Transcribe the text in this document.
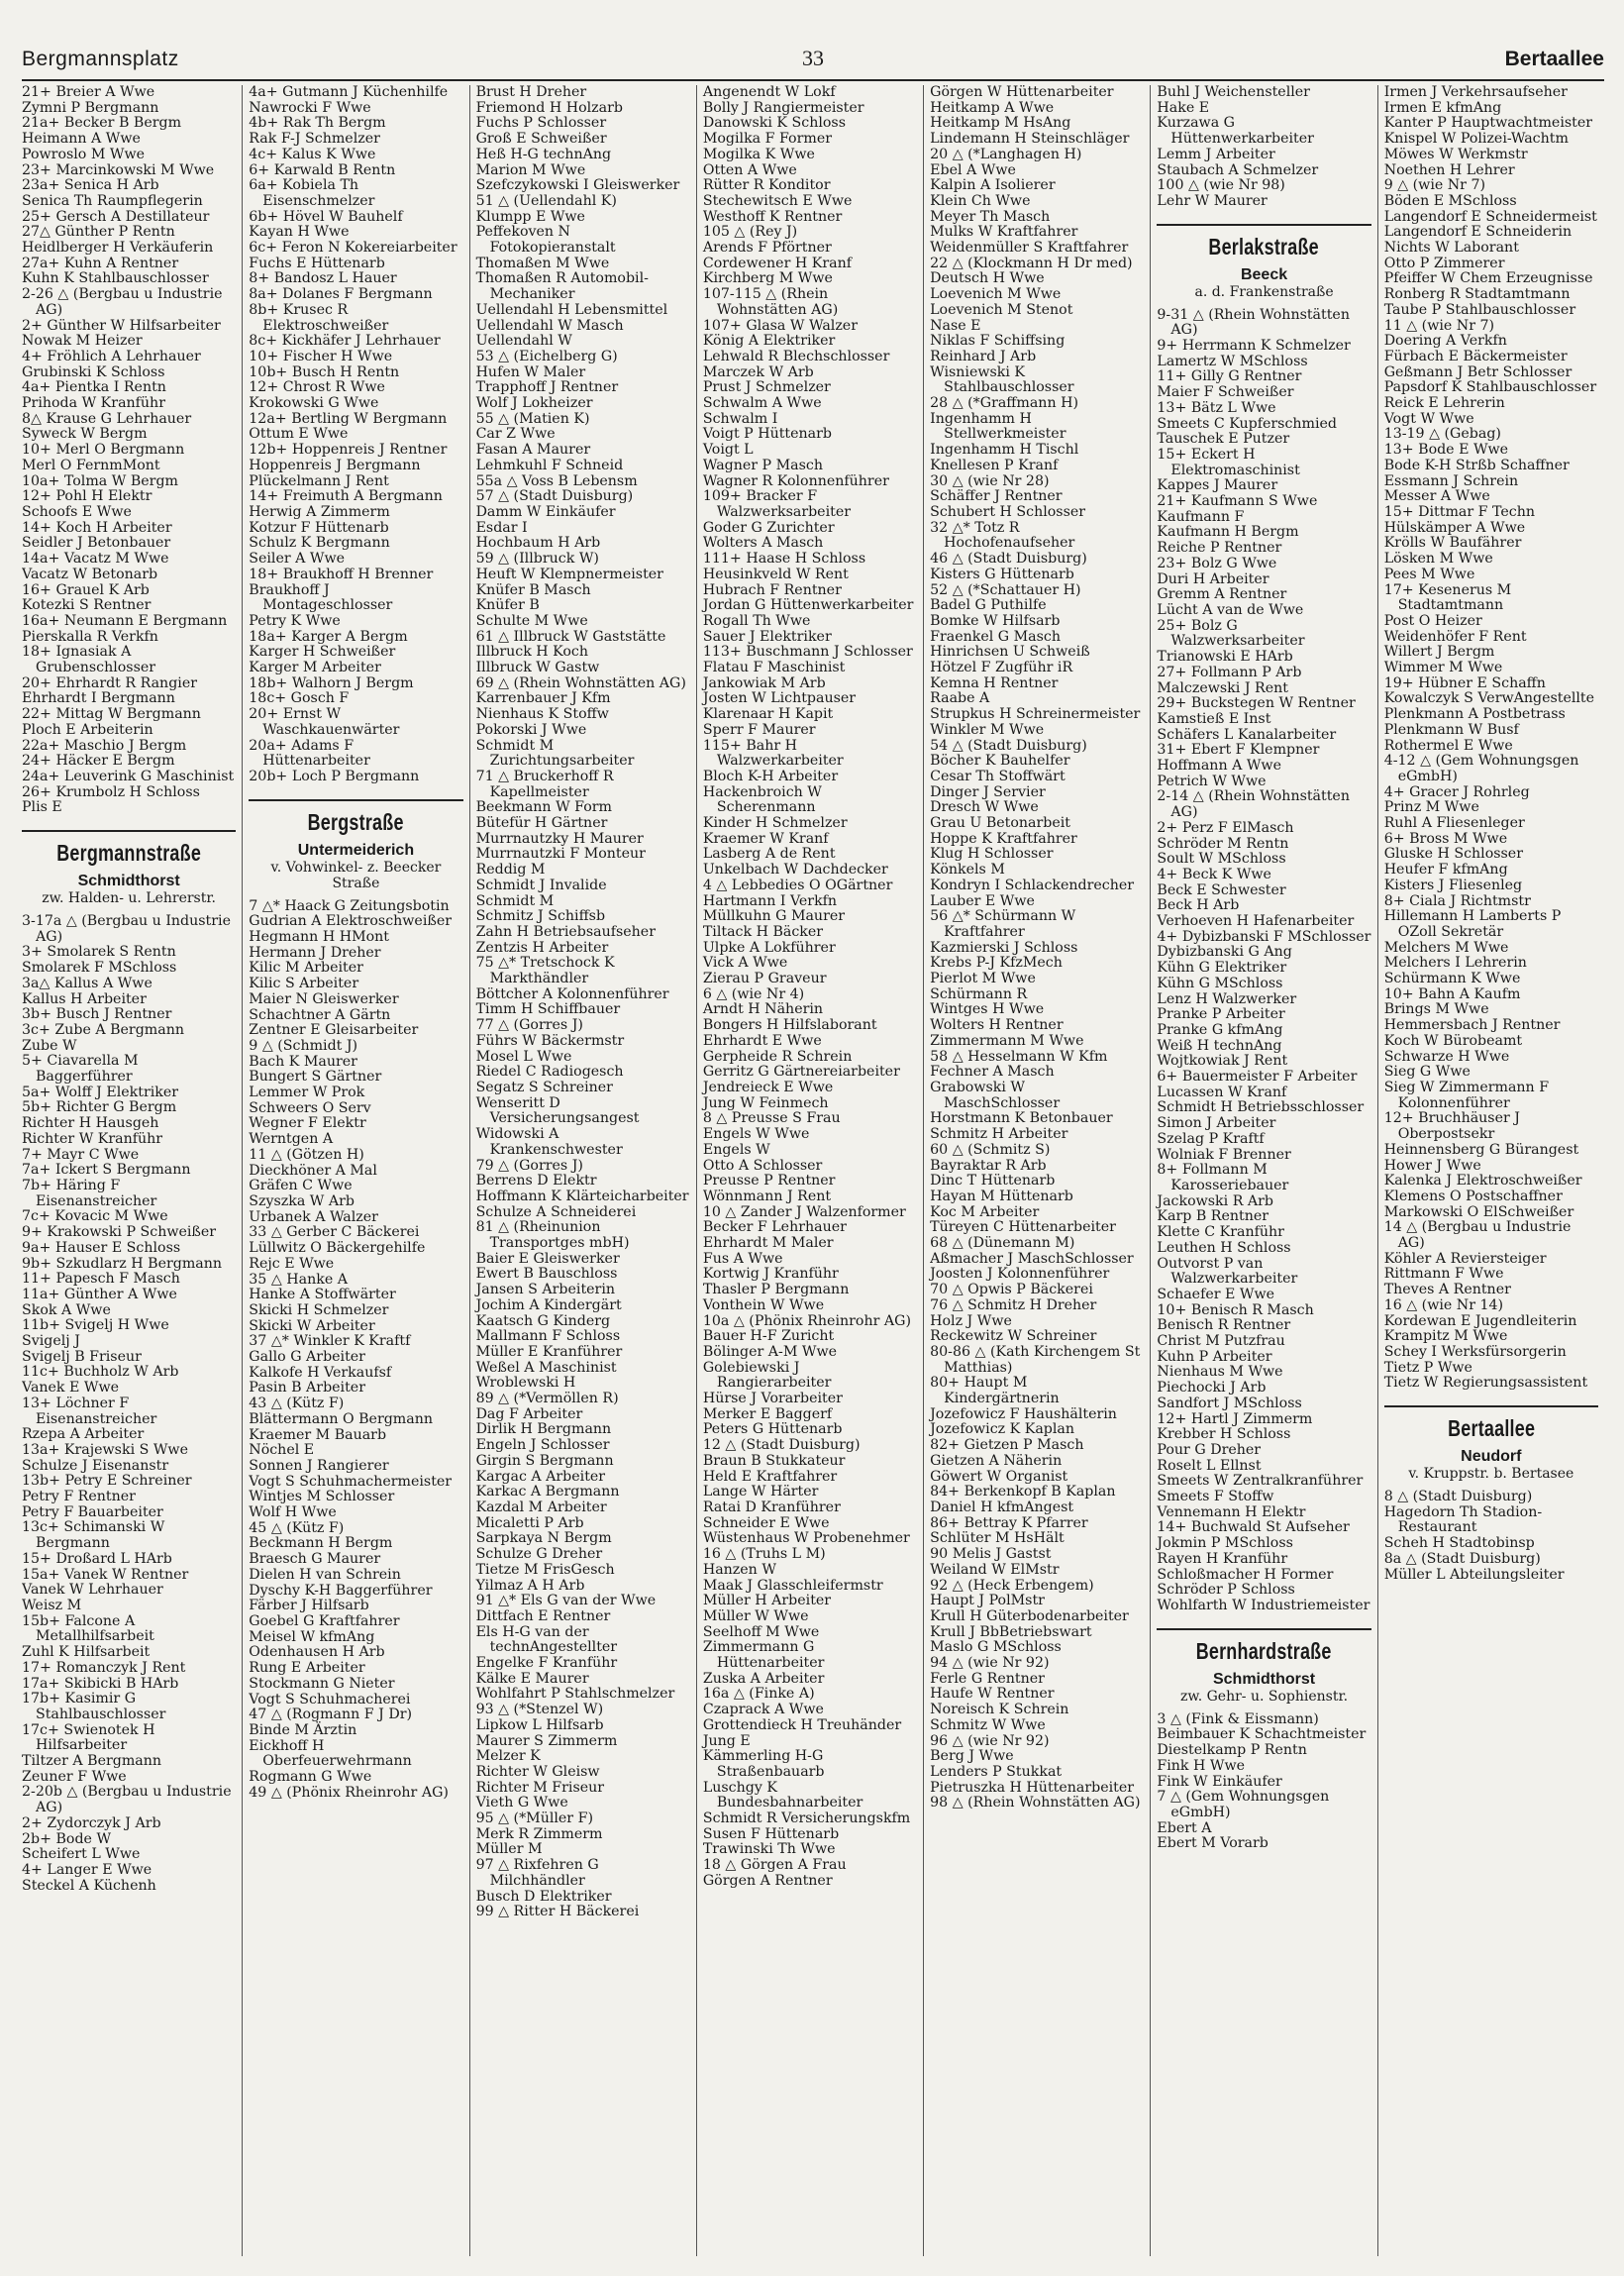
Bergmannsplatz	33	Bertaallee

21+ Breier A Wwe

Zymni P Bergmann

21a+ Becker B Bergm

Heimann A Wwe

Powroslo M Wwe

23+ Marcinkowski M Wwe

23a+ Senica H Arb

Senica Th Raumpflegerin

25+ Gersch A Destillateur

27△ Günther P Rentn

Heidlberger H Verkäuferin

27a+ Kuhn A Rentner

Kuhn K Stahlbauschlosser

2-26 △ (Bergbau u Industrie AG)

2+ Günther W Hilfsarbeiter

Nowak M Heizer

4+ Fröhlich A Lehrhauer

Grubinski K Schloss

4a+ Pientka I Rentn

Prihoda W Kranführ

8△ Krause G Lehrhauer

Syweck W Bergm

10+ Merl O Bergmann

Merl O FernmMont

10a+ Tolma W Bergm

12+ Pohl H Elektr

Schoofs E Wwe

14+ Koch H Arbeiter

Seidler J Betonbauer

14a+ Vacatz M Wwe

Vacatz W Betonarb

16+ Grauel K Arb

Kotezki S Rentner

16a+ Neumann E Bergmann

Pierskalla R Verkfn

18+ Ignasiak A Grubenschlosser

20+ Ehrhardt R Rangier

Ehrhardt I Bergmann

22+ Mittag W Bergmann

Ploch E Arbeiterin

22a+ Maschio J Bergm

24+ Häcker E Bergm

24a+ Leuverink G Maschinist

26+ Krumbolz H Schloss

Plis E

Bergmannstraße
Schmidthorst
zw. Halden- u. Lehrerstr.

3-17a △ (Bergbau u Industrie AG)

3+ Smolarek S Rentn

Smolarek F MSchloss

3a△ Kallus A Wwe

Kallus H Arbeiter

3b+ Busch J Rentner

3c+ Zube A Bergmann

Zube W

5+ Ciavarella M Baggerführer

5a+ Wolff J Elektriker

5b+ Richter G Bergm

Richter H Hausgeh

Richter W Kranführ

7+ Mayr C Wwe

7a+ Ickert S Bergmann

7b+ Häring F Eisenanstreicher

7c+ Kovacic M Wwe

9+ Krakowski P Schweißer

9a+ Hauser E Schloss

9b+ Szkudlarz H Bergmann

11+ Papesch F Masch

11a+ Günther A Wwe

Skok A Wwe

11b+ Svigelj H Wwe

Svigelj J

Svigelj B Friseur

11c+ Buchholz W Arb

Vanek E Wwe

13+ Löchner F Eisenanstreicher

Rzepa A Arbeiter

13a+ Krajewski S Wwe

Schulze J Eisenanstr

13b+ Petry E Schreiner

Petry F Rentner

Petry F Bauarbeiter

13c+ Schimanski W Bergmann

15+ Droßard L HArb

15a+ Vanek W Rentner

Vanek W Lehrhauer

Weisz M

15b+ Falcone A Metallhilfsarbeit

Zuhl K Hilfsarbeit

17+ Romanczyk J Rent

17a+ Skibicki B HArb

17b+ Kasimir G Stahlbauschlosser

17c+ Swienotek H Hilfsarbeiter

Tiltzer A Bergmann

Zeuner F Wwe

2-20b △ (Bergbau u Industrie AG)

2+ Zydorczyk J Arb

2b+ Bode W

Scheifert L Wwe

4+ Langer E Wwe

Steckel A Küchenh

4a+ Gutmann J Küchenhilfe

Nawrocki F Wwe

4b+ Rak Th Bergm

Rak F-J Schmelzer

4c+ Kalus K Wwe

6+ Karwald B Rentn

6a+ Kobiela Th Eisenschmelzer

6b+ Hövel W Bauhelf

Kayan H Wwe

6c+ Feron N Kokereiarbeiter

Fuchs E Hüttenarb

8+ Bandosz L Hauer

8a+ Dolanes F Bergmann

8b+ Krusec R Elektroschweißer

8c+ Kickhäfer J Lehrhauer

10+ Fischer H Wwe

10b+ Busch H Rentn

12+ Chrost R Wwe

Krokowski G Wwe

12a+ Bertling W Bergmann

Ottum E Wwe

12b+ Hoppenreis J Rentner

Hoppenreis J Bergmann

Plückelmann J Rent

14+ Freimuth A Bergmann

Herwig A Zimmerm

Kotzur F Hüttenarb

Schulz K Bergmann

Seiler A Wwe

18+ Braukhoff H Brenner

Braukhoff J Montageschlosser

Petry K Wwe

18a+ Karger A Bergm

Karger H Schweißer

Karger M Arbeiter

18b+ Walhorn J Bergm

18c+ Gosch F

20+ Ernst W Waschkauenwärter

20a+ Adams F Hüttenarbeiter

20b+ Loch P Bergmann

Bergstraße
Untermeiderich
v. Vohwinkel- z. Beecker Straße

7 △* Haack G Zeitungsbotin

Gudrian A Elektroschweißer

Hegmann H HMont

Hermann J Dreher

Kilic M Arbeiter

Kilic S Arbeiter

Maier N Gleiswerker

Schachtner A Gärtn

Zentner E Gleisarbeiter

9 △ (Schmidt J)

Bach K Maurer

Bungert S Gärtner

Lemmer W Prok

Schweers O Serv

Wegner F Elektr

Werntgen A

11 △ (Götzen H)

Dieckhöner A Mal

Gräfen C Wwe

Szyszka W Arb

Urbanek A Walzer

33 △ Gerber C Bäckerei

Lüllwitz O Bäckergehilfe

Rejc E Wwe

35 △ Hanke A

Hanke A Stoffwärter

Skicki H Schmelzer

Skicki W Arbeiter

37 △* Winkler K Kraftf

Gallo G Arbeiter

Kalkofe H Verkaufsf

Pasin B Arbeiter

43 △ (Kütz F)

Blättermann O Bergmann

Kraemer M Bauarb

Nöchel E

Sonnen J Rangierer

Vogt S Schuhmachermeister

Wintjes M Schlosser

Wolf H Wwe

45 △ (Kütz F)

Beckmann H Bergm

Braesch G Maurer

Dielen H van Schrein

Dyschy K-H Baggerführer

Färber J Hilfsarb

Goebel G Kraftfahrer

Meisel W kfmAng

Odenhausen H Arb

Rung E Arbeiter

Stockmann G Nieter

Vogt S Schuhmacherei

47 △ (Rogmann F J Dr)

Binde M Ärztin

Eickhoff H Oberfeuerwehrmann

Rogmann G Wwe

49 △ (Phönix Rheinrohr AG)

Brust H Dreher

Friemond H Holzarb

Fuchs P Schlosser

Groß E Schweißer

Heß H-G technAng

Marion M Wwe

Szefczykowski I Gleiswerker

51 △ (Uellendahl K)

Klumpp E Wwe

Peffekoven N Fotokopieranstalt

Thomaßen M Wwe

Thomaßen R Automobil-Mechaniker

Uellendahl H Lebensmittel

Uellendahl W Masch

Uellendahl W

53 △ (Eichelberg G)

Hufen W Maler

Trapphoff J Rentner

Wolf J Lokheizer

55 △ (Matien K)

Car Z Wwe

Fasan A Maurer

Lehmkuhl F Schneid

55a △ Voss B Lebensm

57 △ (Stadt Duisburg)

Damm W Einkäufer

Esdar I

Hochbaum H Arb

59 △ (Illbruck W)

Heuft W Klempnermeister

Knüfer B Masch

Knüfer B

Schulte M Wwe

61 △ Illbruck W Gaststätte

Illbruck H Koch

Illbruck W Gastw

69 △ (Rhein Wohnstätten AG)

Karrenbauer J Kfm

Nienhaus K Stoffw

Pokorski J Wwe

Schmidt M Zurichtungsarbeiter

71 △ Bruckerhoff R Kapellmeister

Beekmann W Form

Bütefür H Gärtner

Murrnautzky H Maurer

Murrnautzki F Monteur

Reddig M

Schmidt J Invalide

Schmidt M

Schmitz J Schiffsb

Zahn H Betriebsaufseher

Zentzis H Arbeiter

75 △* Tretschock K Markthändler

Böttcher A Kolonnenführer

Timm H Schiffbauer

77 △ (Gorres J)

Führs W Bäckermstr

Mosel L Wwe

Riedel C Radiogesch

Segatz S Schreiner

Wenseritt D Versicherungsangest

Widowski A Krankenschwester

79 △ (Gorres J)

Berrens D Elektr

Hoffmann K Klärteicharbeiter

Schulze A Schneiderei

81 △ (Rheinunion Transportges mbH)

Baier E Gleiswerker

Ewert B Bauschloss

Jansen S Arbeiterin

Jochim A Kindergärt

Kaatsch G Kinderg

Mallmann F Schloss

Müller E Kranführer

Weßel A Maschinist

Wroblewski H

89 △ (*Vermöllen R)

Dag F Arbeiter

Dirlik H Bergmann

Engeln J Schlosser

Girgin S Bergmann

Kargac A Arbeiter

Karkac A Bergmann

Kazdal M Arbeiter

Micaletti P Arb

Sarpkaya N Bergm

Schulze G Dreher

Tietze M FrisGesch

Yilmaz A H Arb

91 △* Els G van der Wwe

Dittfach E Rentner

Els H-G van der technAngestellter

Engelke F Kranführ

Kälke E Maurer

Wohlfahrt P Stahlschmelzer

93 △ (*Stenzel W)

Lipkow L Hilfsarb

Maurer S Zimmerm

Melzer K

Richter W Gleisw

Richter M Friseur

Vieth G Wwe

95 △ (*Müller F)

Merk R Zimmerm

Müller M

97 △ Rixfehren G Milchhändler

Busch D Elektriker

99 △ Ritter H Bäckerei

Angenendt W Lokf

Bolly J Rangiermeister

Danowski K Schloss

Mogilka F Former

Mogilka K Wwe

Otten A Wwe

Rütter R Konditor

Stechewitsch E Wwe

Westhoff K Rentner

105 △ (Rey J)

Arends F Pförtner

Cordewener H Kranf

Kirchberg M Wwe

107-115 △ (Rhein Wohnstätten AG)

107+ Glasa W Walzer

König A Elektriker

Lehwald R Blechschlosser

Marczek W Arb

Prust J Schmelzer

Schwalm A Wwe

Schwalm I

Voigt P Hüttenarb

Voigt L

Wagner P Masch

Wagner R Kolonnenführer

109+ Bracker F Walzwerksarbeiter

Goder G Zurichter

Wolters A Masch

111+ Haase H Schloss

Heusinkveld W Rent

Hubrach F Rentner

Jordan G Hüttenwerkarbeiter

Rogall Th Wwe

Sauer J Elektriker

113+ Buschmann J Schlosser

Flatau F Maschinist

Jankowiak M Arb

Josten W Lichtpauser

Klarenaar H Kapit

Sperr F Maurer

115+ Bahr H Walzwerkarbeiter

Bloch K-H Arbeiter

Hackenbroich W Scherenmann

Kinder H Schmelzer

Kraemer W Kranf

Lasberg A de Rent

Unkelbach W Dachdecker

4 △ Lebbedies O OGärtner

Hartmann I Verkfn

Müllkuhn G Maurer

Tiltack H Bäcker

Ulpke A Lokführer

Vick A Wwe

Zierau P Graveur

6 △ (wie Nr 4)

Arndt H Näherin

Bongers H Hilfslaborant

Ehrhardt E Wwe

Gerpheide R Schrein

Gerritz G Gärtnereiarbeiter

Jendreieck E Wwe

Jung W Feinmech

8 △ Preusse S Frau

Engels W Wwe

Engels W

Otto A Schlosser

Preusse P Rentner

Wönnmann J Rent

10 △ Zander J Walzenformer

Becker F Lehrhauer

Ehrhardt M Maler

Fus A Wwe

Kortwig J Kranführ

Thasler P Bergmann

Vonthein W Wwe

10a △ (Phönix Rheinrohr AG)

Bauer H-F Zuricht

Bölinger A-M Wwe

Golebiewski J Rangierarbeiter

Hürse J Vorarbeiter

Merker E Baggerf

Peters G Hüttenarb

12 △ (Stadt Duisburg)

Braun B Stukkateur

Held E Kraftfahrer

Lange W Härter

Ratai D Kranführer

Schneider E Wwe

Wüstenhaus W Probenehmer

16 △ (Truhs L M)

Hanzen W

Maak J Glasschleifermstr

Müller H Arbeiter

Müller W Wwe

Seelhoff M Wwe

Zimmermann G Hüttenarbeiter

Zuska A Arbeiter

16a △ (Finke A)

Czaprack A Wwe

Grottendieck H Treuhänder

Jung E

Kämmerling H-G Straßenbauarb

Luschgy K Bundesbahnarbeiter

Schmidt R Versicherungskfm

Susen F Hüttenarb

Trawinski Th Wwe

18 △ Görgen A Frau

Görgen A Rentner

Görgen W Hüttenarbeiter

Heitkamp A Wwe

Heitkamp M HsAng

Lindemann H Steinschläger

20 △ (*Langhagen H)

Ebel A Wwe

Kalpin A Isolierer

Klein Ch Wwe

Meyer Th Masch

Mulks W Kraftfahrer

Weidenmüller S Kraftfahrer

22 △ (Klockmann H Dr med)

Deutsch H Wwe

Loevenich M Wwe

Loevenich M Stenot

Nase E

Niklas F Schiffsing

Reinhard J Arb

Wisniewski K Stahlbauschlosser

28 △ (*Graffmann H)

Ingenhamm H Stellwerkmeister

Ingenhamm H Tischl

Knellesen P Kranf

30 △ (wie Nr 28)

Schäffer J Rentner

Schubert H Schlosser

32 △* Totz R Hochofenaufseher

46 △ (Stadt Duisburg)

Kisters G Hüttenarb

52 △ (*Schattauer H)

Badel G Puthilfe

Bomke W Hilfsarb

Fraenkel G Masch

Hinrichsen U Schweiß

Hötzel F Zugführ iR

Kemna H Rentner

Raabe A

Strupkus H Schreinermeister

Winkler M Wwe

54 △ (Stadt Duisburg)

Böcher K Bauhelfer

Cesar Th Stoffwärt

Dinger J Servier

Dresch W Wwe

Grau U Betonarbeit

Hoppe K Kraftfahrer

Klug H Schlosser

Könkels M

Kondryn I Schlackendrecher

Lauber E Wwe

56 △* Schürmann W Kraftfahrer

Kazmierski J Schloss

Krebs P-J KfzMech

Pierlot M Wwe

Schürmann R

Wintges H Wwe

Wolters H Rentner

Zimmermann M Wwe

58 △ Hesselmann W Kfm

Fechner A Masch

Grabowski W MaschSchlosser

Horstmann K Betonbauer

Schmitz H Arbeiter

60 △ (Schmitz S)

Bayraktar R Arb

Dinc T Hüttenarb

Hayan M Hüttenarb

Koc M Arbeiter

Türeyen C Hüttenarbeiter

68 △ (Dünemann M)

Aßmacher J MaschSchlosser

Joosten J Kolonnenführer

70 △ Opwis P Bäckerei

76 △ Schmitz H Dreher

Holz J Wwe

Reckewitz W Schreiner

80-86 △ (Kath Kirchengem St Matthias)

80+ Haupt M Kindergärtnerin

Jozefowicz F Haushälterin

Jozefowicz K Kaplan

82+ Gietzen P Masch

Gietzen A Näherin

Göwert W Organist

84+ Berkenkopf B Kaplan

Daniel H kfmAngest

86+ Bettray K Pfarrer

Schlüter M HsHält

90 Melis J Gastst

Weiland W ElMstr

92 △ (Heck Erbengem)

Haupt J PolMstr

Krull H Güterbodenarbeiter

Krull J BbBetriebswart

Maslo G MSchloss

94 △ (wie Nr 92)

Ferle G Rentner

Haufe W Rentner

Noreisch K Schrein

Schmitz W Wwe

96 △ (wie Nr 92)

Berg J Wwe

Lenders P Stukkat

Pietruszka H Hüttenarbeiter

98 △ (Rhein Wohnstätten AG)

Buhl J Weichensteller

Hake E

Kurzawa G Hüttenwerkarbeiter

Lemm J Arbeiter

Staubach A Schmelzer

100 △ (wie Nr 98)

Lehr W Maurer

Berlakstraße
Beeck
a. d. Frankenstraße

9-31 △ (Rhein Wohnstätten AG)

9+ Herrmann K Schmelzer

Lamertz W MSchloss

11+ Gilly G Rentner

Maier F Schweißer

13+ Bätz L Wwe

Smeets C Kupferschmied

Tauschek E Putzer

15+ Eckert H Elektromaschinist

Kappes J Maurer

21+ Kaufmann S Wwe

Kaufmann F

Kaufmann H Bergm

Reiche P Rentner

23+ Bolz G Wwe

Duri H Arbeiter

Gremm A Rentner

Lücht A van de Wwe

25+ Bolz G Walzwerksarbeiter

Trianowski E HArb

27+ Follmann P Arb

Malczewski J Rent

29+ Buckstegen W Rentner

Kamstieß E Inst

Schäfers L Kanalarbeiter

31+ Ebert F Klempner

Hoffmann A Wwe

Petrich W Wwe

2-14 △ (Rhein Wohnstätten AG)

2+ Perz F ElMasch

Schröder M Rentn

Soult W MSchloss

4+ Beck K Wwe

Beck E Schwester

Beck H Arb

Verhoeven H Hafenarbeiter

4+ Dybizbanski F MSchlosser

Dybizbanski G Ang

Kühn G Elektriker

Kühn G MSchloss

Lenz H Walzwerker

Pranke P Arbeiter

Pranke G kfmAng

Weiß H technAng

Wojtkowiak J Rent

6+ Bauermeister F Arbeiter

Lucassen W Kranf

Schmidt H Betriebsschlosser

Simon J Arbeiter

Szelag P Kraftf

Wolniak F Brenner

8+ Follmann M Karosseriebauer

Jackowski R Arb

Karp B Rentner

Klette C Kranführ

Leuthen H Schloss

Outvorst P van Walzwerkarbeiter

Schaefer E Wwe

10+ Benisch R Masch

Benisch R Rentner

Christ M Putzfrau

Kuhn P Arbeiter

Nienhaus M Wwe

Piechocki J Arb

Sandfort J MSchloss

12+ Hartl J Zimmerm

Krebber H Schloss

Pour G Dreher

Roselt L Ellnst

Smeets W Zentralkranführer

Smeets F Stoffw

Vennemann H Elektr

14+ Buchwald St Aufseher

Jokmin P MSchloss

Rayen H Kranführ

Schloßmacher H Former

Schröder P Schloss

Wohlfarth W Industriemeister

Bernhardstraße
Schmidthorst
zw. Gehr- u. Sophienstr.

3 △ (Fink & Eissmann)

Beimbauer K Schachtmeister

Diestelkamp P Rentn

Fink H Wwe

Fink W Einkäufer

7 △ (Gem Wohnungsgen eGmbH)

Ebert A

Ebert M Vorarb

Irmen J Verkehrsaufseher

Irmen E kfmAng

Kanter P Hauptwachtmeister

Knispel W Polizei-Wachtm

Möwes W Werkmstr

Noethen H Lehrer

9 △ (wie Nr 7)

Böden E MSchloss

Langendorf E Schneidermeist

Langendorf E Schneiderin

Nichts W Laborant

Otto P Zimmerer

Pfeiffer W Chem Erzeugnisse

Ronberg R Stadtamtmann

Taube P Stahlbauschlosser

11 △ (wie Nr 7)

Doering A Verkfn

Fürbach E Bäckermeister

Geßmann J Betr Schlosser

Papsdorf K Stahlbauschlosser

Reick E Lehrerin

Vogt W Wwe

13-19 △ (Gebag)

13+ Bode E Wwe

Bode K-H Strßb Schaffner

Essmann J Schrein

Messer A Wwe

15+ Dittmar F Techn

Hülskämper A Wwe

Krölls W Baufährer

Lösken M Wwe

Pees M Wwe

17+ Kesenerus M Stadtamtmann

Post O Heizer

Weidenhöfer F Rent

Willert J Bergm

Wimmer M Wwe

19+ Hübner E Schaffn

Kowalczyk S VerwAngestellte

Plenkmann A Postbetrass

Plenkmann W Busf

Rothermel E Wwe

4-12 △ (Gem Wohnungsgen eGmbH)

4+ Gracer J Rohrleg

Prinz M Wwe

Ruhl A Fliesenleger

6+ Bross M Wwe

Gluske H Schlosser

Heufer F kfmAng

Kisters J Fliesenleg

8+ Ciala J Richtmstr

Hillemann H Lamberts P OZoll Sekretär

Melchers M Wwe

Melchers I Lehrerin

Schürmann K Wwe

10+ Bahn A Kaufm

Brings M Wwe

Hemmersbach J Rentner

Koch W Bürobeamt

Schwarze H Wwe

Sieg G Wwe

Sieg W Zimmermann F Kolonnenführer

12+ Bruchhäuser J Oberpostsekr

Heinnensberg G Bürangest

Hower J Wwe

Kalenka J Elektroschweißer

Klemens O Postschaffner

Markowski O ElSchweißer

14 △ (Bergbau u Industrie AG)

Köhler A Reviersteiger

Rittmann F Wwe

Theves A Rentner

16 △ (wie Nr 14)

Kordewan E Jugendleiterin

Krampitz M Wwe

Schey I Werksfürsorgerin

Tietz P Wwe

Tietz W Regierungsassistent

Bertaallee
Neudorf
v. Kruppstr. b. Bertasee

8 △ (Stadt Duisburg)

Hagedorn Th Stadion-Restaurant

Scheh H Stadtobinsp

8a △ (Stadt Duisburg)

Müller L Abteilungsleiter
